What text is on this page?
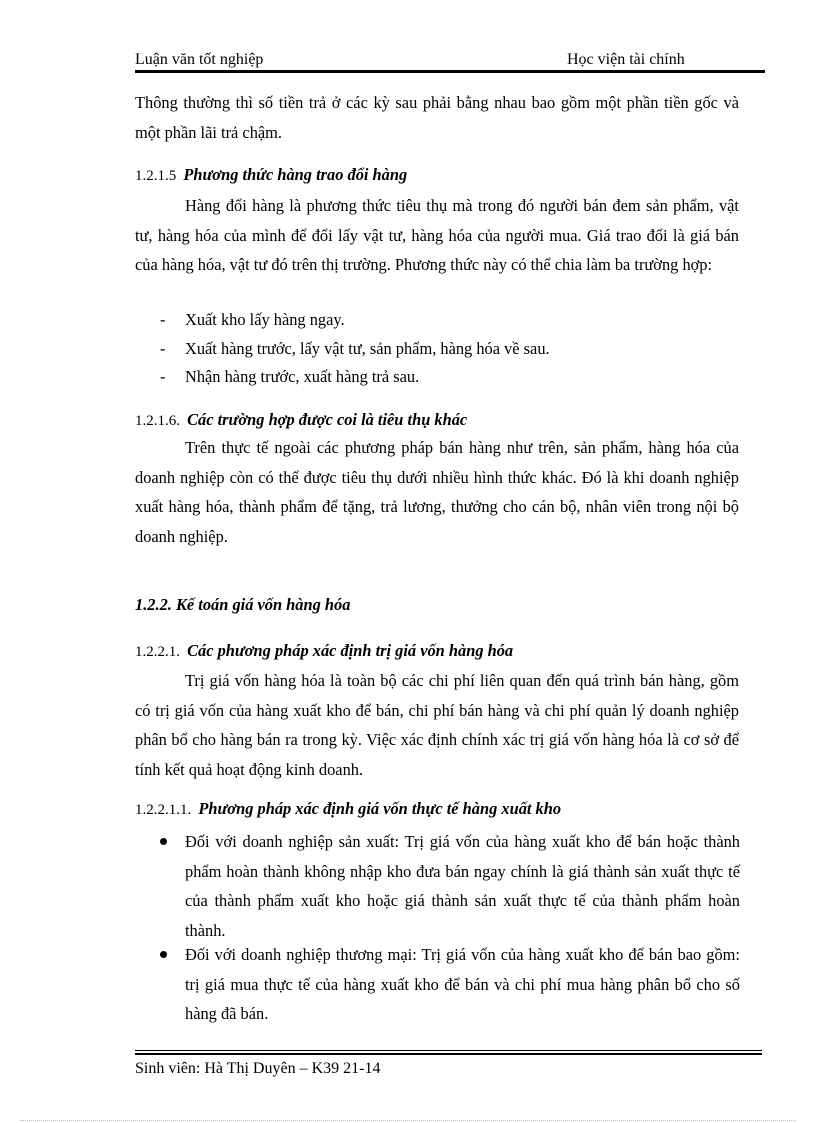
Luận văn tốt nghiệp	Học viện tài chính
Thông thường thì số tiền trả ở các kỳ sau phải bằng nhau bao gồm một phần tiền gốc và một phần lãi trả chậm.
1.2.1.5 Phương thức hàng trao đổi hàng
Hàng đổi hàng là phương thức tiêu thụ mà trong đó người bán đem sản phẩm, vật tư, hàng hóa của mình để đổi lấy vật tư, hàng hóa của người mua. Giá trao đổi là giá bán của hàng hóa, vật tư đó trên thị trường. Phương thức này có thể chia làm ba trường hợp:
- Xuất kho lấy hàng ngay.
- Xuất hàng trước, lấy vật tư, sản phẩm, hàng hóa về sau.
- Nhận hàng trước, xuất hàng trả sau.
1.2.1.6. Các trường hợp được coi là tiêu thụ khác
Trên thực tế ngoài các phương pháp bán hàng như trên, sản phẩm, hàng hóa của doanh nghiệp còn có thể được tiêu thụ dưới nhiều hình thức khác. Đó là khi doanh nghiệp xuất hàng hóa, thành phẩm để tặng, trả lương, thưởng cho cán bộ, nhân viên trong nội bộ doanh nghiệp.
1.2.2. Kế toán giá vốn hàng hóa
1.2.2.1. Các phương pháp xác định trị giá vốn hàng hóa
Trị giá vốn hàng hóa là toàn bộ các chi phí liên quan đến quá trình bán hàng, gồm có trị giá vốn của hàng xuất kho để bán, chi phí bán hàng và chi phí quản lý doanh nghiệp phân bổ cho hàng bán ra trong kỳ. Việc xác định chính xác trị giá vốn hàng hóa là cơ sở để tính kết quả hoạt động kinh doanh.
1.2.2.1.1. Phương pháp xác định giá vốn thực tế hàng xuất kho
Đối với doanh nghiệp sản xuất: Trị giá vốn của hàng xuất kho để bán hoặc thành phẩm hoàn thành không nhập kho đưa bán ngay chính là giá thành sản xuất thực tế của thành phẩm xuất kho hoặc giá thành sản xuất thực tế của thành phẩm hoàn thành.
Đối với doanh nghiệp thương mại: Trị giá vốn của hàng xuất kho để bán bao gồm: trị giá mua thực tế của hàng xuất kho để bán và chi phí mua hàng phân bổ cho số hàng đã bán.
Sinh viên: Hà Thị Duyên – K39 21-14
